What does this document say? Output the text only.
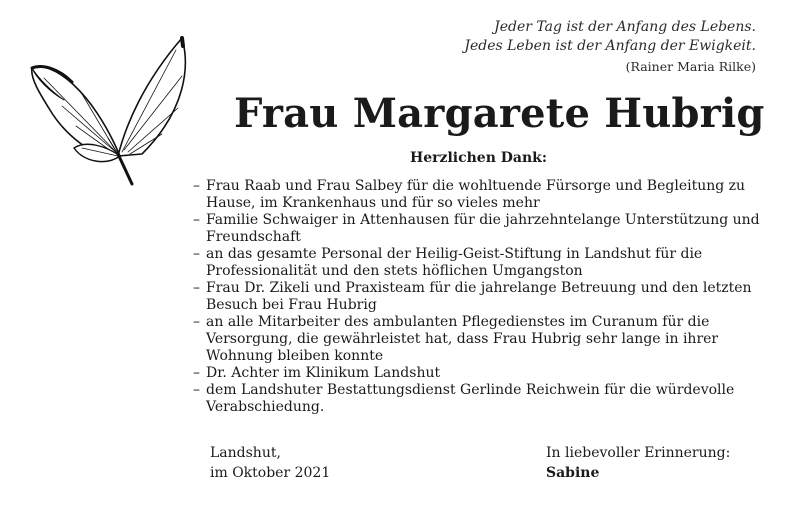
Jeder Tag ist der Anfang des Lebens.
Jedes Leben ist der Anfang der Ewigkeit.
(Rainer Maria Rilke)
Frau Margarete Hubrig
Herzlichen Dank:
– Frau Raab und Frau Salbey für die wohltuende Fürsorge und Begleitung zu Hause, im Krankenhaus und für so vieles mehr
– Familie Schwaiger in Attenhausen für die jahrzehntelange Unterstützung und Freundschaft
– an das gesamte Personal der Heilig-Geist-Stiftung in Landshut für die Professionalität und den stets höflichen Umgangston
– Frau Dr. Zikeli und Praxisteam für die jahrelange Betreuung und den letzten Besuch bei Frau Hubrig
– an alle Mitarbeiter des ambulanten Pflegedienstes im Curanum für die Versorgung, die gewährleistet hat, dass Frau Hubrig sehr lange in ihrer Wohnung bleiben konnte
– Dr. Achter im Klinikum Landshut
– dem Landshuter Bestattungsdienst Gerlinde Reichwein für die würdevolle Verabschiedung.
Landshut,
im Oktober 2021
In liebevoller Erinnerung:
Sabine
